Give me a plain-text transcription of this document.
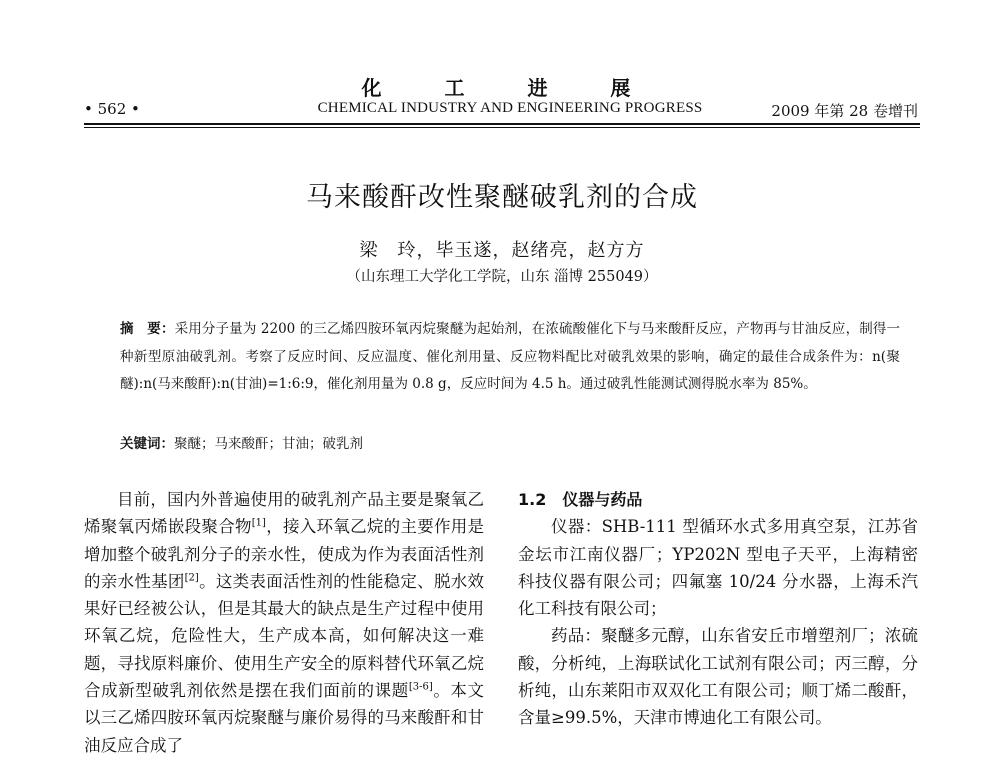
化 工 进 展
• 562 •	CHEMICAL INDUSTRY AND ENGINEERING PROGRESS	2009 年第 28 卷增刊
马来酸酐改性聚醚破乳剂的合成
梁　玲，毕玉遂，赵绪亮，赵方方
（山东理工大学化工学院，山东 淄博 255049）
摘　要：采用分子量为 2200 的三乙烯四胺环氧丙烷聚醚为起始剂，在浓硫酸催化下与马来酸酐反应，产物再与甘油反应，制得一种新型原油破乳剂。考察了反应时间、反应温度、催化剂用量、反应物料配比对破乳效果的影响，确定的最佳合成条件为：n(聚醚):n(马来酸酐):n(甘油)=1:6:9，催化剂用量为 0.8 g，反应时间为 4.5 h。通过破乳性能测试测得脱水率为 85%。
关键词：聚醚；马来酸酐；甘油；破乳剂

目前，国内外普遍使用的破乳剂产品主要是聚氧乙烯聚氧丙烯嵌段聚合物[1]，接入环氧乙烷的主要作用是增加整个破乳剂分子的亲水性，使成为作为表面活性剂的亲水性基团[2]。这类表面活性剂的性能稳定、脱水效果好已经被公认，但是其最大的缺点是生产过程中使用环氧乙烷，危险性大，生产成本高，如何解决这一难题，寻找原料廉价、使用生产安全的原料替代环氧乙烷合成新型破乳剂依然是摆在我们面前的课题[3-6]。本文以三乙烯四胺环氧丙烷聚醚与廉价易得的马来酸酐和甘油反应合成了

1.2　仪器与药品

仪器：SHB-111 型循环水式多用真空泵，江苏省金坛市江南仪器厂；YP202N 型电子天平，上海精密科技仪器有限公司；四氟塞 10/24 分水器，上海禾汽化工科技有限公司；

药品：聚醚多元醇，山东省安丘市增塑剂厂；浓硫酸，分析纯，上海联试化工试剂有限公司；丙三醇，分析纯，山东莱阳市双双化工有限公司；顺丁烯二酸酐，含量≥99.5%，天津市博迪化工有限公司。
